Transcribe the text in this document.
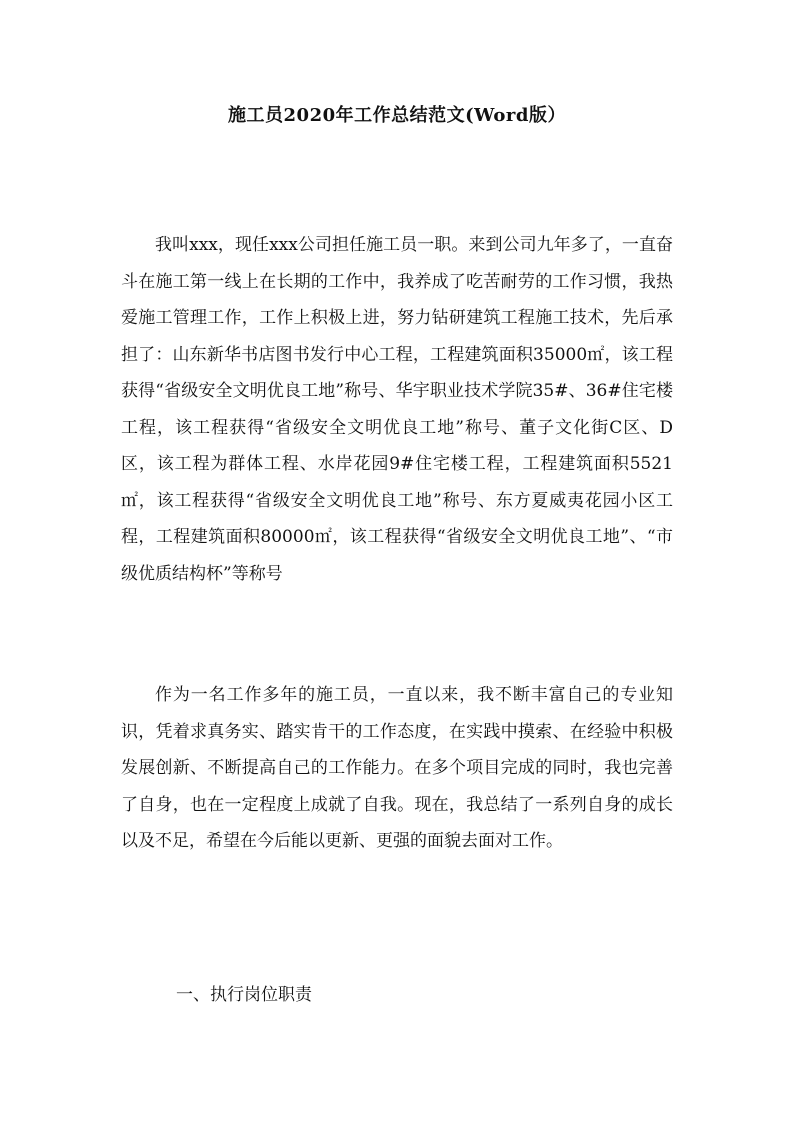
施工员2020年工作总结范文(Word版）

我叫xxx，现任xxx公司担任施工员一职。来到公司九年多了，一直奋斗在施工第一线上在长期的工作中，我养成了吃苦耐劳的工作习惯，我热爱施工管理工作，工作上积极上进，努力钻研建筑工程施工技术，先后承担了：山东新华书店图书发行中心工程，工程建筑面积35000㎡，该工程获得“省级安全文明优良工地”称号、华宇职业技术学院35#、36#住宅楼工程，该工程获得“省级安全文明优良工地”称号、董子文化街C区、D区，该工程为群体工程、水岸花园9#住宅楼工程，工程建筑面积5521㎡，该工程获得“省级安全文明优良工地”称号、东方夏威夷花园小区工程，工程建筑面积80000㎡，该工程获得“省级安全文明优良工地”、“市级优质结构杯”等称号

作为一名工作多年的施工员，一直以来，我不断丰富自己的专业知识，凭着求真务实、踏实肯干的工作态度，在实践中摸索、在经验中积极发展创新、不断提高自己的工作能力。在多个项目完成的同时，我也完善了自身，也在一定程度上成就了自我。现在，我总结了一系列自身的成长以及不足，希望在今后能以更新、更强的面貌去面对工作。

一、执行岗位职责
